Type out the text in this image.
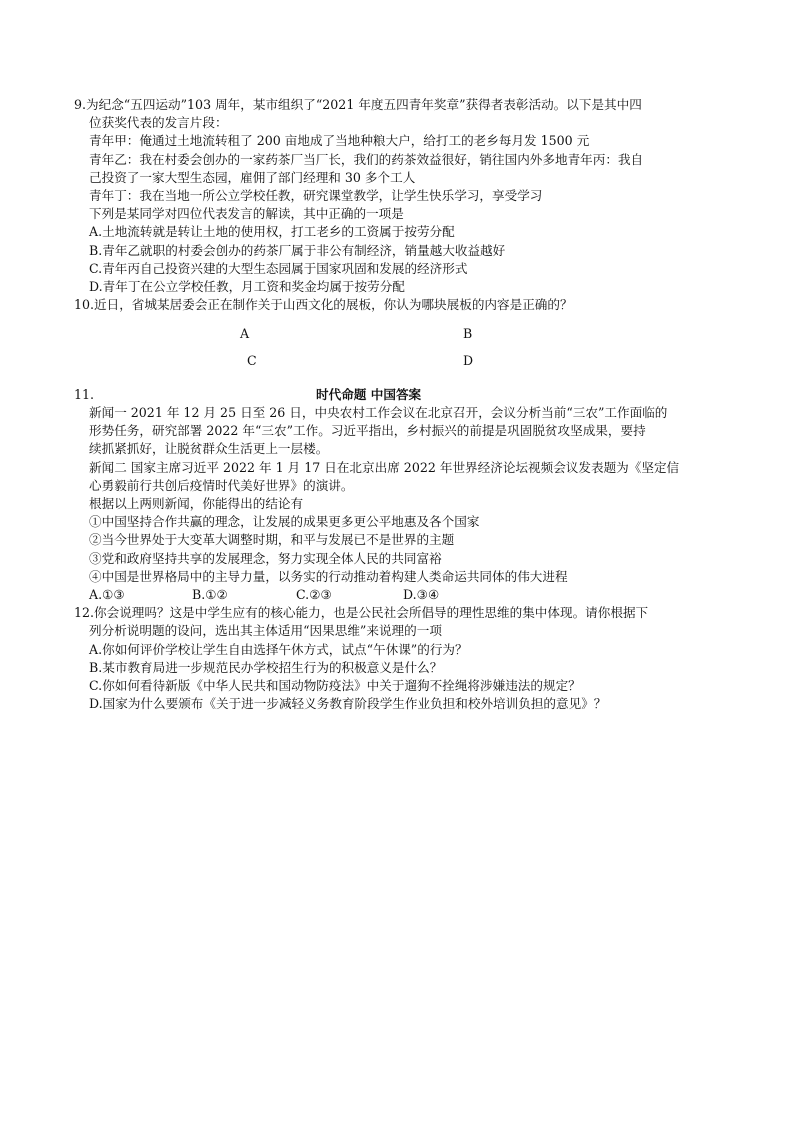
9.为纪念“五四运动”103 周年，某市组织了“2021 年度五四青年奖章”获得者表彰活动。以下是其中四
位获奖代表的发言片段：
青年甲：俺通过土地流转租了 200 亩地成了当地种粮大户，给打工的老乡每月发 1500 元
青年乙：我在村委会创办的一家药茶厂当厂长，我们的药茶效益很好，销往国内外多地青年丙：我自
己投资了一家大型生态园，雇佣了部门经理和 30 多个工人
青年丁：我在当地一所公立学校任教，研究课堂教学，让学生快乐学习，享受学习
下列是某同学对四位代表发言的解读，其中正确的一项是
A.土地流转就是转让土地的使用权，打工老乡的工资属于按劳分配
B.青年乙就职的村委会创办的药茶厂属于非公有制经济，销量越大收益越好
C.青年丙自己投资兴建的大型生态园属于国家巩固和发展的经济形式
D.青年丁在公立学校任教，月工资和奖金均属于按劳分配
10.近日，省城某居委会正在制作关于山西文化的展板，你认为哪块展板的内容是正确的？
A	B
C	D
11.	时代命题 中国答案
新闻一 2021 年 12 月 25 日至 26 日，中央农村工作会议在北京召开，会议分析当前“三农”工作面临的
形势任务，研究部署 2022 年“三农”工作。习近平指出，乡村振兴的前提是巩固脱贫攻坚成果，要持
续抓紧抓好，让脱贫群众生活更上一层楼。
新闻二 国家主席习近平 2022 年 1 月 17 日在北京出席 2022 年世界经济论坛视频会议发表题为《坚定信
心勇毅前行共创后疫情时代美好世界》的演讲。
根据以上两则新闻，你能得出的结论有
①中国坚持合作共赢的理念，让发展的成果更多更公平地惠及各个国家
②当今世界处于大变革大调整时期，和平与发展已不是世界的主题
③党和政府坚持共享的发展理念，努力实现全体人民的共同富裕
④中国是世界格局中的主导力量，以务实的行动推动着构建人类命运共同体的伟大进程
A.①③	B.①②	C.②③	D.③④
12.你会说理吗？这是中学生应有的核心能力，也是公民社会所倡导的理性思维的集中体现。请你根据下
列分析说明题的设问，选出其主体适用“因果思维”来说理的一项
A.你如何评价学校让学生自由选择午休方式，试点“午休课”的行为？
B.某市教育局进一步规范民办学校招生行为的积极意义是什么？
C.你如何看待新版《中华人民共和国动物防疫法》中关于遛狗不拴绳将涉嫌违法的规定？
D.国家为什么要颁布《关于进一步减轻义务教育阶段学生作业负担和校外培训负担的意见》？
